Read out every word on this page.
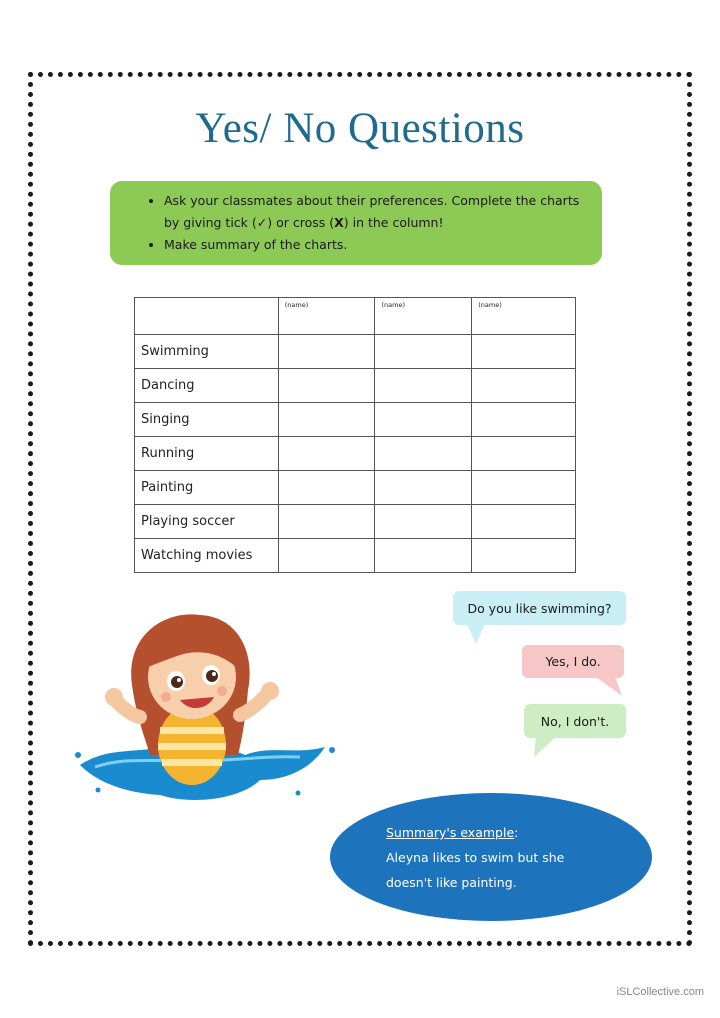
Yes/ No Questions
• Ask your classmates about their preferences. Complete the charts by giving tick (✓) or cross (X) in the column!
• Make summary of the charts.
	(name)	(name)	(name)
Swimming			
Dancing			
Singing			
Running			
Painting			
Playing soccer			
Watching movies			
Do you like swimming?
Yes, I do.
No, I don't.
Summary's example:
Aleyna likes to swim but she
doesn't like painting.
iSLCollective.com
